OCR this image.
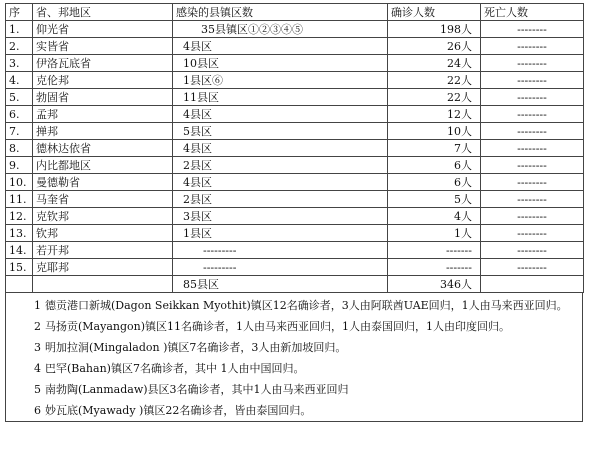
序	省、邦地区	感染的县镇区数	确诊人数	死亡人数
1.	仰光省	35县镇区①②③④⑤	198人	--------
2.	实皆省	4县区	26人	--------
3.	伊洛瓦底省	10县区	24人	--------
4.	克伦邦	1县区⑥	22人	--------
5.	勃固省	11县区	22人	--------
6.	孟邦	4县区	12人	--------
7.	掸邦	5县区	10人	--------
8.	德林达依省	4县区	7人	--------
9.	内比都地区	2县区	6人	--------
10.	曼德勒省	4县区	6人	--------
11.	马奎省	2县区	5人	--------
12.	克钦邦	3县区	4人	--------
13.	钦邦	1县区	1人	--------
14.	若开邦	---------	-------	--------
15.	克耶邦	---------	-------	--------
		85县区	346人	
1 德贡港口新城(Dagon Seikkan Myothit)镇区12名确诊者，3人由阿联酋UAE回归，1人由马来西亚回归。
2 马扬贡(Mayangon)镇区11名确诊者，1人由马来西亚回归，1人由泰国回归，1人由印度回归。
3 明加拉洞(Mingaladon )镇区7名确诊者，3人由新加坡回归。
4 巴罕(Bahan)镇区7名确诊者，其中 1人由中国回归。
5 南勃陶(Lanmadaw)县区3名确诊者，其中1人由马来西亚回归
6 妙瓦底(Myawady )镇区22名确诊者，皆由泰国回归。
